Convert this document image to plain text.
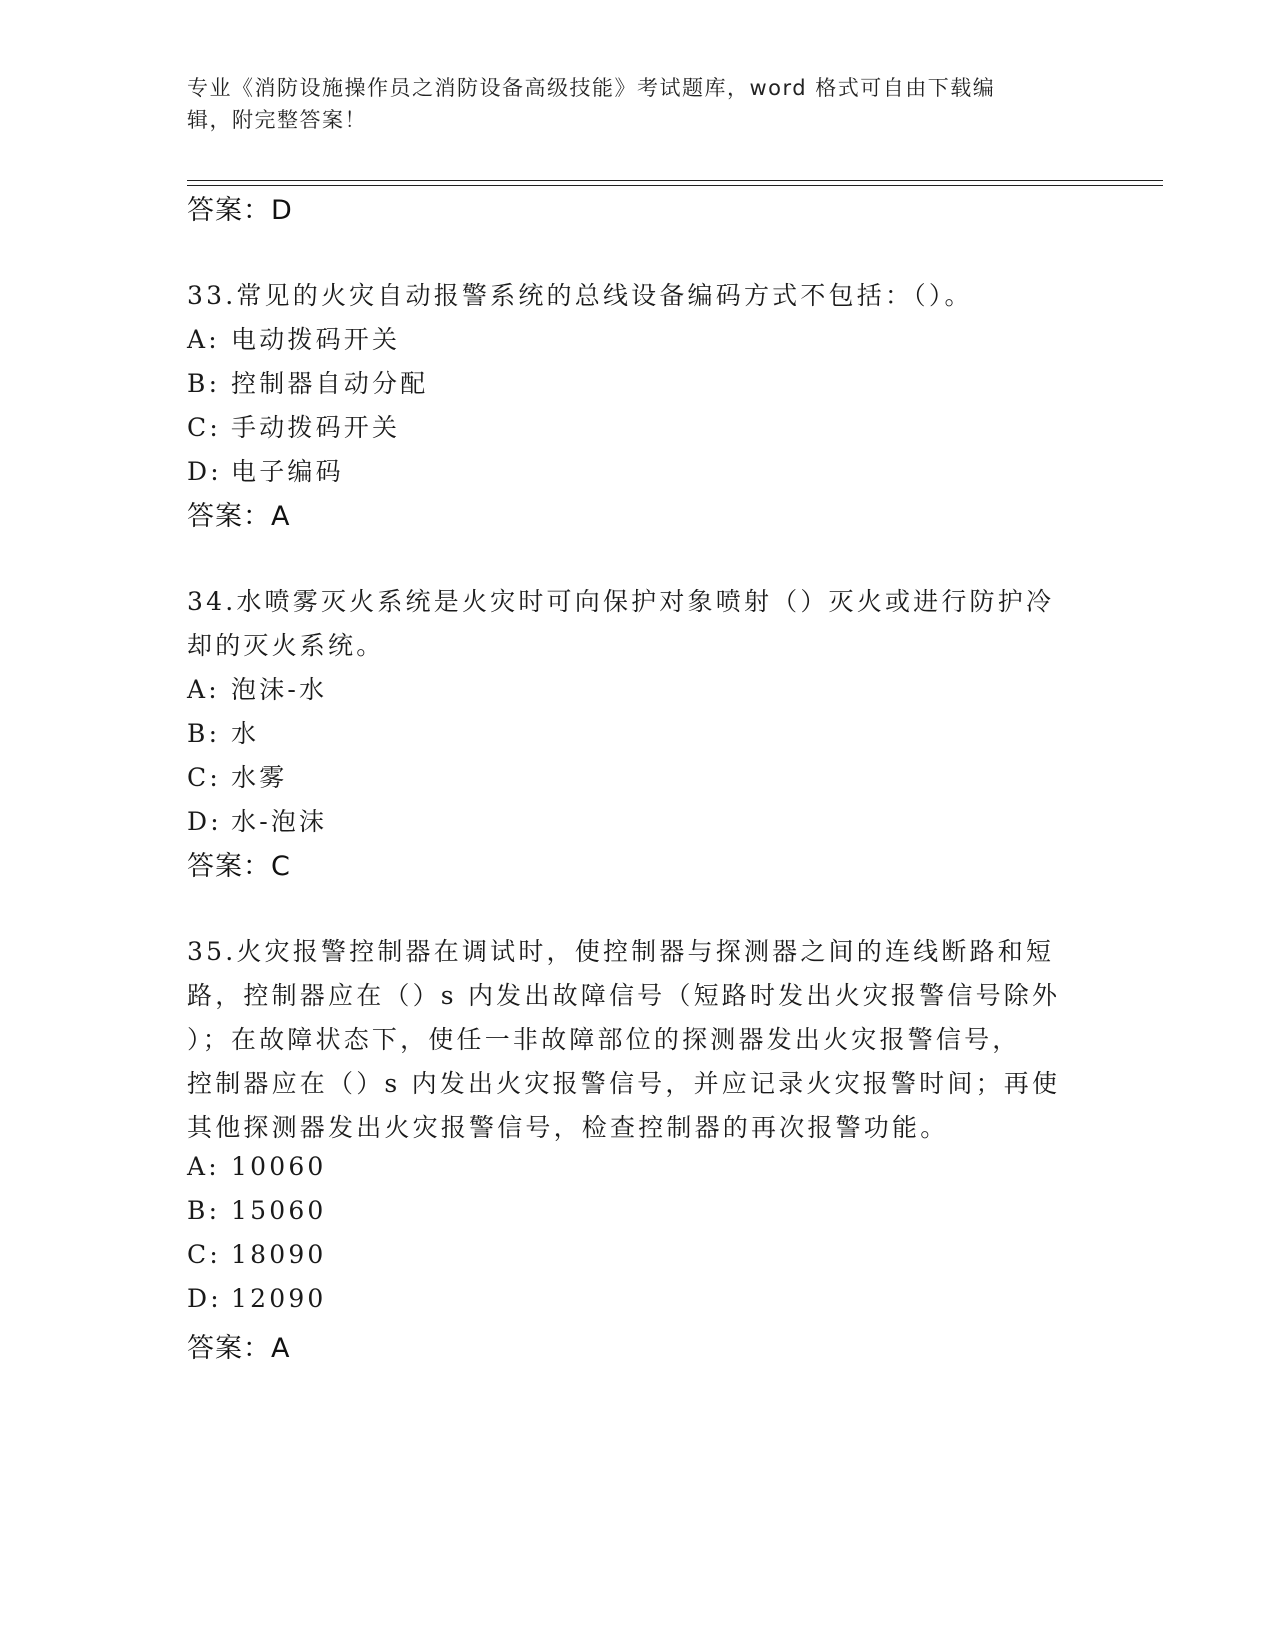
专业《消防设施操作员之消防设备高级技能》考试题库，word 格式可自由下载编
辑，附完整答案！
答案：D
33.常见的火灾自动报警系统的总线设备编码方式不包括：（）。
A: 电动拨码开关
B: 控制器自动分配
C: 手动拨码开关
D: 电子编码
答案：A
34.水喷雾灭火系统是火灾时可向保护对象喷射（）灭火或进行防护冷
却的灭火系统。
A: 泡沫-水
B: 水
C: 水雾
D: 水-泡沫
答案：C
35.火灾报警控制器在调试时，使控制器与探测器之间的连线断路和短
路，控制器应在（）s 内发出故障信号（短路时发出火灾报警信号除外
）；在故障状态下，使任一非故障部位的探测器发出火灾报警信号，
控制器应在（）s 内发出火灾报警信号，并应记录火灾报警时间；再使
其他探测器发出火灾报警信号，检查控制器的再次报警功能。
A: 10060
B: 15060
C: 18090
D: 12090
答案：A
